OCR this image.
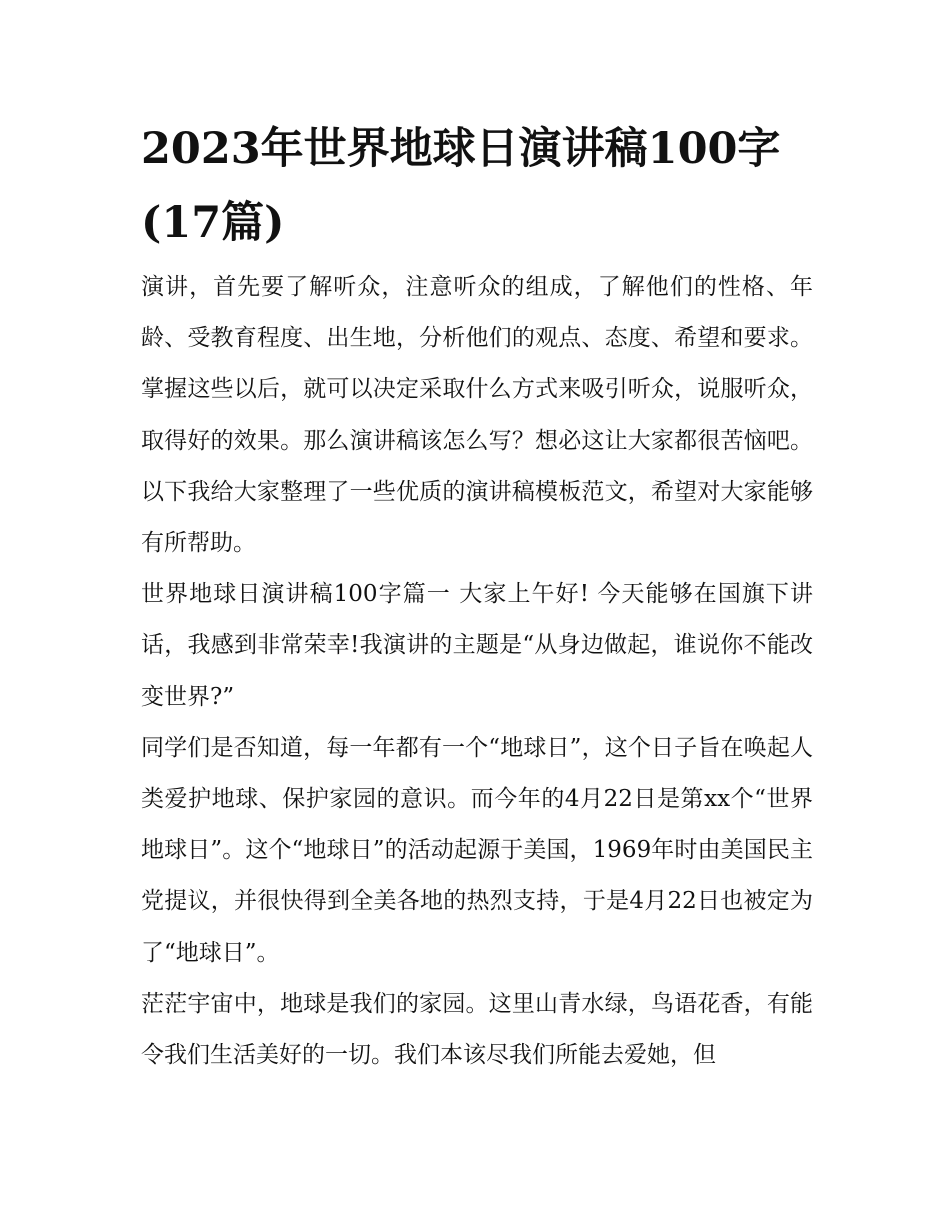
2023年世界地球日演讲稿100字(17篇)

演讲，首先要了解听众，注意听众的组成，了解他们的性格、年龄、受教育程度、出生地，分析他们的观点、态度、希望和要求。掌握这些以后，就可以决定采取什么方式来吸引听众，说服听众，取得好的效果。那么演讲稿该怎么写？想必这让大家都很苦恼吧。以下我给大家整理了一些优质的演讲稿模板范文，希望对大家能够有所帮助。

世界地球日演讲稿100字篇一 大家上午好! 今天能够在国旗下讲话，我感到非常荣幸!我演讲的主题是“从身边做起，谁说你不能改变世界?”

同学们是否知道，每一年都有一个“地球日”，这个日子旨在唤起人类爱护地球、保护家园的意识。而今年的4月22日是第xx个“世界地球日”。这个“地球日”的活动起源于美国，1969年时由美国民主党提议，并很快得到全美各地的热烈支持，于是4月22日也被定为了“地球日”。

茫茫宇宙中，地球是我们的家园。这里山青水绿，鸟语花香，有能令我们生活美好的一切。我们本该尽我们所能去爱她，但
